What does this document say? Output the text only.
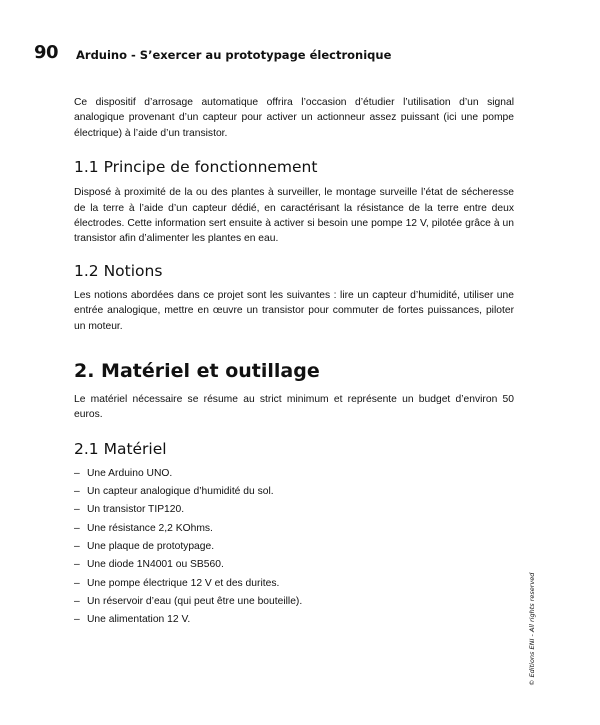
90 Arduino - S’exercer au prototypage électronique

Ce dispositif d’arrosage automatique offrira l’occasion d’étudier l’utilisation d’un signal analogique provenant d’un capteur pour activer un actionneur assez puissant (ici une pompe électrique) à l’aide d’un transistor.

1.1 Principe de fonctionnement

Disposé à proximité de la ou des plantes à surveiller, le montage surveille l’état de sécheresse de la terre à l’aide d’un capteur dédié, en caractérisant la résistance de la terre entre deux électrodes. Cette information sert ensuite à activer si besoin une pompe 12 V, pilotée grâce à un transistor afin d’alimenter les plantes en eau.

1.2 Notions

Les notions abordées dans ce projet sont les suivantes : lire un capteur d’humidité, utiliser une entrée analogique, mettre en œuvre un transistor pour commuter de fortes puissances, piloter un moteur.

2. Matériel et outillage

Le matériel nécessaire se résume au strict minimum et représente un budget d’environ 50 euros.

2.1 Matériel
– Une Arduino UNO.
– Un capteur analogique d’humidité du sol.
– Un transistor TIP120.
– Une résistance 2,2 KOhms.
– Une plaque de prototypage.
– Une diode 1N4001 ou SB560.
– Une pompe électrique 12 V et des durites.
– Un réservoir d’eau (qui peut être une bouteille).
– Une alimentation 12 V.	© Editions ENI - All rights reserved
